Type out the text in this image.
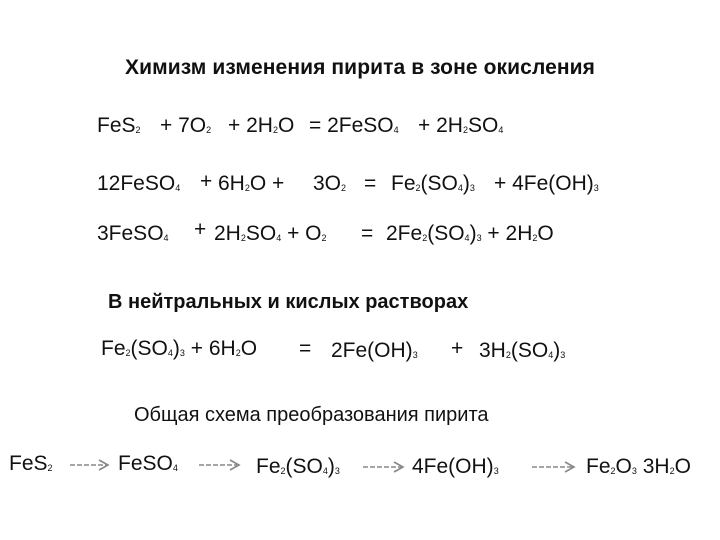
Химизм изменения пирита в зоне окисления
$FeS_2 + 7O_2 + 2H_2O$ = 2FeSO$_4$ + $2H_2SO_4$
12FeSO$_4$ + $6H_2O + 3O_2 = Fe_2(SO_4)_3 + 4Fe(OH)_3$
3FeSO$_4$ + $2H_2SO_4 + O_2 = 2Fe_2(SO_4)_3 + 2H_2O$
В нейтральных и кислых растворах
$Fe_2(SO_4)_3 + 6H_2O = 2Fe(OH)_3 + 3H_2(SO_4)_3$
Общая схема преобразования пирита
FeS$_2$	FeSO$_4$	$Fe_2(SO_4)_3$	$4Fe(OH)_3$	$Fe_2O_3$ $3H_2O$
